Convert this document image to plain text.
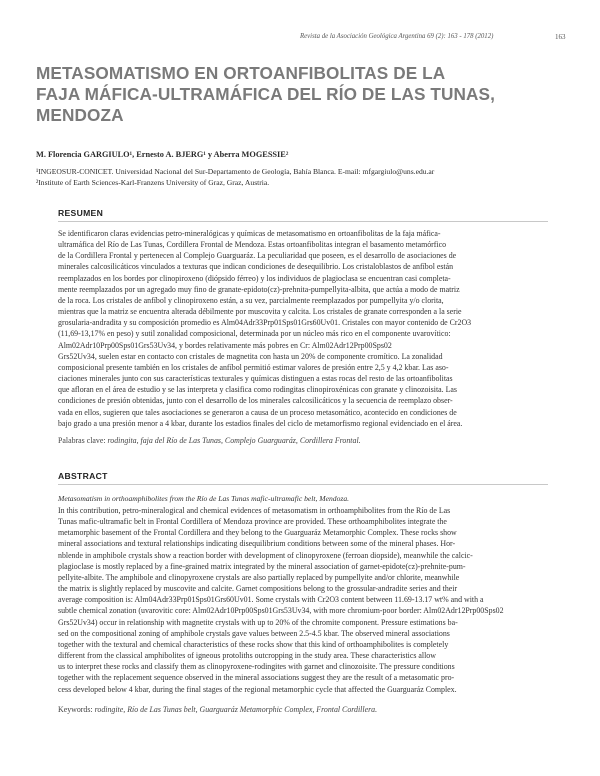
Revista de la Asociación Geológica Argentina 69 (2): 163 - 178 (2012)	163
METASOMATISMO EN ORTOANFIBOLITAS DE LA
FAJA MÁFICA-ULTRAMÁFICA DEL RÍO DE LAS TUNAS,
MENDOZA
M. Florencia GARGIULO¹, Ernesto A. BJERG¹ y Aberra MOGESSIE²
¹INGEOSUR-CONICET. Universidad Nacional del Sur-Departamento de Geología, Bahía Blanca. E-mail: mfgargiulo@uns.edu.ar
²Institute of Earth Sciences-Karl-Franzens University of Graz, Graz, Austria.
RESUMEN
Se identificaron claras evidencias petro-mineralógicas y químicas de metasomatismo en ortoanfibolitas de la faja máfica-
ultramáfica del Río de Las Tunas, Cordillera Frontal de Mendoza. Estas ortoanfibolitas integran el basamento metamórfico
de la Cordillera Frontal y pertenecen al Complejo Guarguaráz. La peculiaridad que poseen, es el desarrollo de asociaciones de
minerales calcosilicáticos vinculados a texturas que indican condiciones de desequilibrio. Los cristaloblastos de anfíbol están
reemplazados en los bordes por clinopiroxeno (diópsido férreo) y los individuos de plagioclasa se encuentran casi completa-
mente reemplazados por un agregado muy fino de granate-epidoto(cz)-prehnita-pumpellyita-albita, que actúa a modo de matriz
de la roca. Los cristales de anfíbol y clinopiroxeno están, a su vez, parcialmente reemplazados por pumpellyita y/o clorita,
mientras que la matriz se encuentra alterada débilmente por muscovita y calcita. Los cristales de granate corresponden a la serie
grosularia-andradita y su composición promedio es Alm04Adr33Prp01Sps01Grs60Uv01. Cristales con mayor contenido de Cr2O3
(11,69-13,17% en peso) y sutil zonalidad composicional, determinada por un núcleo más rico en el componente uvarovítico:
Alm02Adr10Prp00Sps01Grs53Uv34, y bordes relativamente más pobres en Cr: Alm02Adr12Prp00Sps02
Grs52Uv34, suelen estar en contacto con cristales de magnetita con hasta un 20% de componente cromítico. La zonalidad
composicional presente también en los cristales de anfíbol permitió estimar valores de presión entre 2,5 y 4,2 kbar. Las aso-
ciaciones minerales junto con sus características texturales y químicas distinguen a estas rocas del resto de las ortoanfibolitas
que afloran en el área de estudio y se las interpreta y clasifica como rodingitas clinopiroxénicas con granate y clinozoisita. Las
condiciones de presión obtenidas, junto con el desarrollo de los minerales calcosilicáticos y la secuencia de reemplazo obser-
vada en ellos, sugieren que tales asociaciones se generaron a causa de un proceso metasomático, acontecido en condiciones de
bajo grado a una presión menor a 4 kbar, durante los estadios finales del ciclo de metamorfismo regional evidenciado en el área.
Palabras clave: rodingita, faja del Río de Las Tunas, Complejo Guarguaráz, Cordillera Frontal.
ABSTRACT
Metasomatism in orthoamphibolites from the Río de Las Tunas mafic-ultramafic belt, Mendoza.
In this contribution, petro-mineralogical and chemical evidences of metasomatism in orthoamphibolites from the Río de Las
Tunas mafic-ultramafic belt in Frontal Cordillera of Mendoza province are provided. These orthoamphibolites integrate the
metamorphic basement of the Frontal Cordillera and they belong to the Guarguaráz Metamorphic Complex. These rocks show
mineral associations and textural relationships indicating disequilibrium conditions between some of the mineral phases. Hor-
nblende in amphibole crystals show a reaction border with development of clinopyroxene (ferroan diopside), meanwhile the calcic-
plagioclase is mostly replaced by a fine-grained matrix integrated by the mineral association of garnet-epidote(cz)-prehnite-pum-
pellyite-albite. The amphibole and clinopyroxene crystals are also partially replaced by pumpellyite and/or chlorite, meanwhile
the matrix is slightly replaced by muscovite and calcite. Garnet compositions belong to the grossular-andradite series and their
average composition is: Alm04Adr33Prp01Sps01Grs60Uv01. Some crystals with Cr2O3 content between 11.69-13.17 wt% and with a
subtle chemical zonation (uvarovitic core: Alm02Adr10Prp00Sps01Grs53Uv34, with more chromium-poor border: Alm02Adr12Prp00Sps02
Grs52Uv34) occur in relationship with magnetite crystals with up to 20% of the chromite component. Pressure estimations ba-
sed on the compositional zoning of amphibole crystals gave values between 2.5-4.5 kbar. The observed mineral associations
together with the textural and chemical characteristics of these rocks show that this kind of orthoamphibolites is completely
different from the classical amphibolites of igneous protoliths outcropping in the study area. These characteristics allow
us to interpret these rocks and classify them as clinopyroxene-rodingites with garnet and clinozoisite. The pressure conditions
together with the replacement sequence observed in the mineral associations suggest they are the result of a metasomatic pro-
cess developed below 4 kbar, during the final stages of the regional metamorphic cycle that affected the Guarguaráz Complex.
Keywords: rodingite, Río de Las Tunas belt, Guarguaráz Metamorphic Complex, Frontal Cordillera.
